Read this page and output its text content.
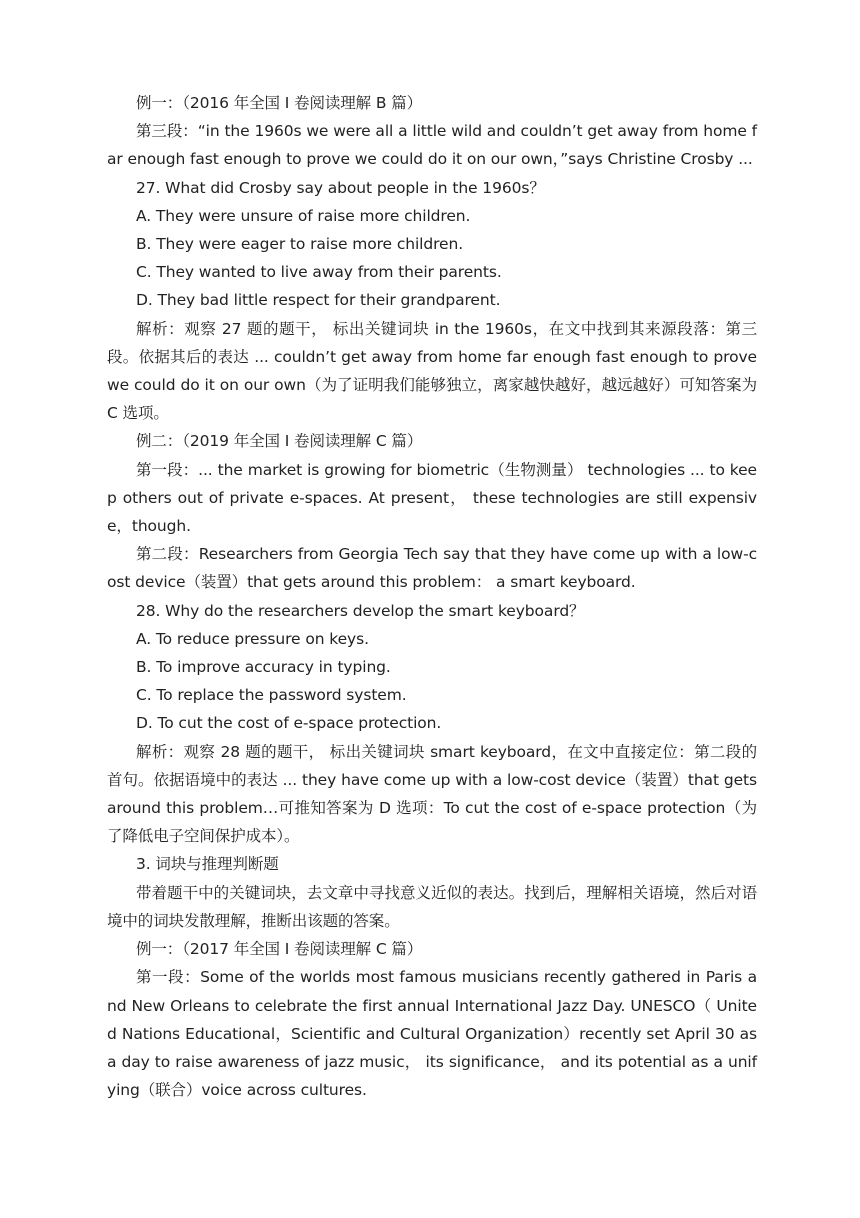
例一：（2016 年全国 I 卷阅读理解 B 篇）

第三段：“in the 1960s we were all a little wild and couldn’t get away from home far enough fast enough to prove we could do it on our own，”says Christine Crosby ...

27. What did Crosby say about people in the 1960s？

A. They were unsure of raise more children.

B. They were eager to raise more children.

C. They wanted to live away from their parents.

D. They bad little respect for their grandparent.

解析：观察 27 题的题干， 标出关键词块 in the 1960s，在文中找到其来源段落：第三段。依据其后的表达 ... couldn’t get away from home far enough fast enough to prove we could do it on our own（为了证明我们能够独立，离家越快越好，越远越好）可知答案为 C 选项。

例二：（2019 年全国 I 卷阅读理解 C 篇）

第一段：... the market is growing for biometric（生物测量） technologies ... to keep others out of private e-spaces. At present， these technologies are still expensive，though.

第二段：Researchers from Georgia Tech say that they have come up with a low-cost device（装置）that gets around this problem： a smart keyboard.

28. Why do the researchers develop the smart keyboard？

A. To reduce pressure on keys.

B. To improve accuracy in typing.

C. To replace the password system.

D. To cut the cost of e-space protection.

解析：观察 28 题的题干， 标出关键词块 smart keyboard，在文中直接定位：第二段的首句。依据语境中的表达 ... they have come up with a low-cost device（装置）that gets around this problem…可推知答案为 D 选项：To cut the cost of e-space protection（为了降低电子空间保护成本）。

3. 词块与推理判断题

带着题干中的关键词块，去文章中寻找意义近似的表达。找到后，理解相关语境，然后对语境中的词块发散理解，推断出该题的答案。

例一：（2017 年全国 I 卷阅读理解 C 篇）

第一段：Some of the worlds most famous musicians recently gathered in Paris and New Orleans to celebrate the first annual International Jazz Day. UNESCO（ United Nations Educational，Scientific and Cultural Organization）recently set April 30 as a day to raise awareness of jazz music， its significance， and its potential as a unifying（联合）voice across cultures.
